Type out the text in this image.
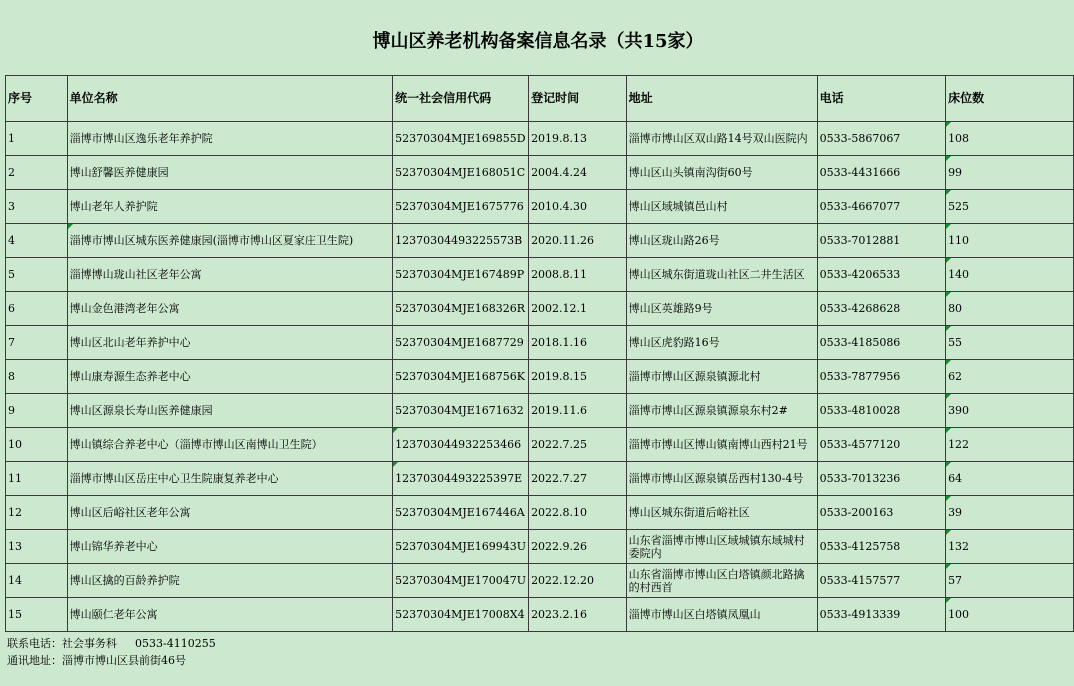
博山区养老机构备案信息名录（共15家）
序号	单位名称	统一社会信用代码	登记时间	地址	电话	床位数
1	淄博市博山区逸乐老年养护院	52370304MJE169855D	2019.8.13	淄博市博山区双山路14号双山医院内	0533-5867067	108
2	博山舒馨医养健康园	52370304MJE168051C	2004.4.24	博山区山头镇南沟街60号	0533-4431666	99
3	博山老年人养护院	52370304MJE1675776	2010.4.30	博山区域城镇邑山村	0533-4667077	525
4	淄博市博山区城东医养健康园(淄博市博山区夏家庄卫生院)	12370304493225573B	2020.11.26	博山区珑山路26号	0533-7012881	110
5	淄博博山珑山社区老年公寓	52370304MJE167489P	2008.8.11	博山区城东街道珑山社区二井生活区	0533-4206533	140
6	博山金色港湾老年公寓	52370304MJE168326R	2002.12.1	博山区英雄路9号	0533-4268628	80
7	博山区北山老年养护中心	52370304MJE1687729	2018.1.16	博山区虎豹路16号	0533-4185086	55
8	博山康寿源生态养老中心	52370304MJE168756K	2019.8.15	淄博市博山区源泉镇源北村	0533-7877956	62
9	博山区源泉长寿山医养健康园	52370304MJE1671632	2019.11.6	淄博市博山区源泉镇源泉东村2#	0533-4810028	390
10	博山镇综合养老中心（淄博市博山区南博山卫生院）	123703044932253466	2022.7.25	淄博市博山区博山镇南博山西村21号	0533-4577120	122
11	淄博市博山区岳庄中心卫生院康复养老中心	12370304493225397E	2022.7.27	淄博市博山区源泉镇岳西村130-4号	0533-7013236	64
12	博山区后峪社区老年公寓	52370304MJE167446A	2022.8.10	博山区城东街道后峪社区	0533-200163	39
13	博山锦华养老中心	52370304MJE169943U	2022.9.26	山东省淄博市博山区域城镇东域城村委院内	0533-4125758	132
14	博山区擒的百龄养护院	52370304MJE170047U	2022.12.20	山东省淄博市博山区白塔镇颜北路擒的村西首	0533-4157577	57
15	博山颐仁老年公寓	52370304MJE17008X4	2023.2.16	淄博市博山区白塔镇凤凰山	0533-4913339	100
联系电话：社会事务科 0533-4110255
通讯地址：淄博市博山区县前街46号
